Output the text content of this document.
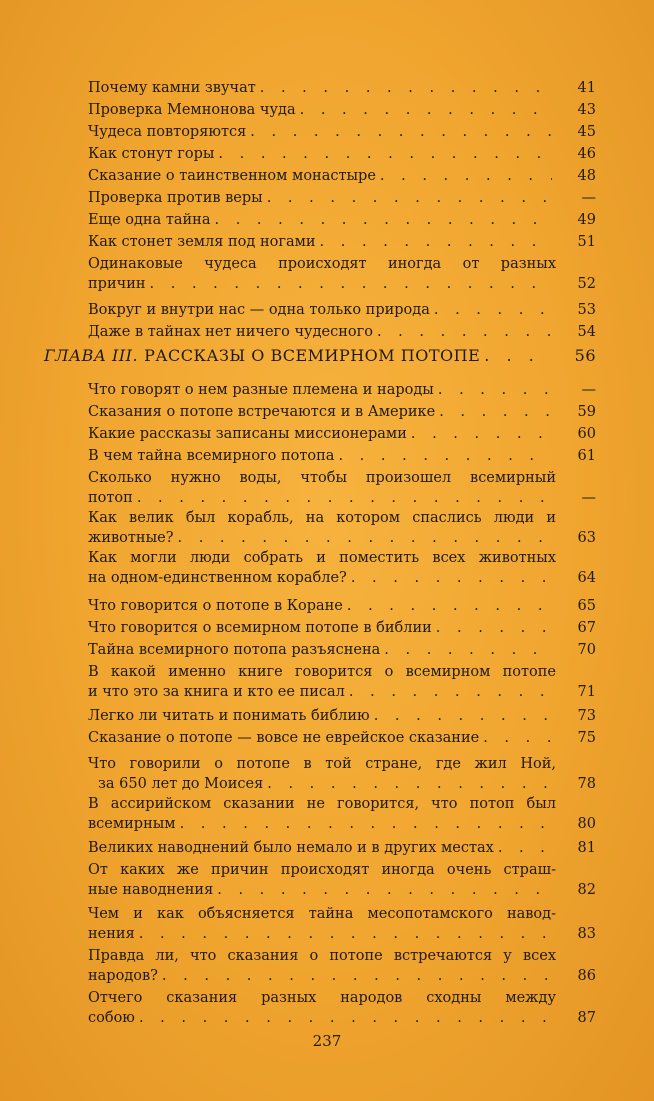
Почему камни звучат . . .	41
Проверка Мемнонова чуда . . .	43
Чудеса повторяются . . .	45
Как стонут горы . . .	46
Сказание о таинственном монастыре . . .	48
Проверка против веры . . .	—
Еще одна тайна . . .	49
Как стонет земля под ногами . . .	51
Одинаковые чудеса происходят иногда от разных
причин . . .	52
Вокруг и внутри нас — одна только природа . . .	53
Даже в тайнах нет ничего чудесного . . .	54
ГЛАВА III. РАССКАЗЫ О ВСЕМИРНОМ ПОТОПЕ . . .	56
Что говорят о нем разные племена и народы . . .	—
Сказания о потопе встречаются и в Америке . . .	59
Какие рассказы записаны миссионерами . . .	60
В чем тайна всемирного потопа . . .	61
Сколько нужно воды, чтобы произошел всемирный
потоп . . .	—
Как велик был корабль, на котором спаслись люди и
животные? . . .	63
Как могли люди собрать и поместить всех животных
на одном-единственном корабле? . . .	64
Что говорится о потопе в Коране . . .	65
Что говорится о всемирном потопе в библии . . .	67
Тайна всемирного потопа разъяснена . . .	70
В какой именно книге говорится о всемирном потопе
и что это за книга и кто ее писал . . .	71
Легко ли читать и понимать библию . . .	73
Сказание о потопе — вовсе не еврейское сказание . . .	75
Что говорили о потопе в той стране, где жил Ной,
за 650 лет до Моисея . . .	78
В ассирийском сказании не говорится, что потоп был
всемирным . . .	80
Великих наводнений было немало и в других местах . . .	81
От каких же причин происходят иногда очень страш-
ные наводнения . . .	82
Чем и как объясняется тайна месопотамского навод-
нения . . .	83
Правда ли, что сказания о потопе встречаются у всех
народов? . . .	86
Отчего сказания разных народов сходны между
собою . . .	87
237
